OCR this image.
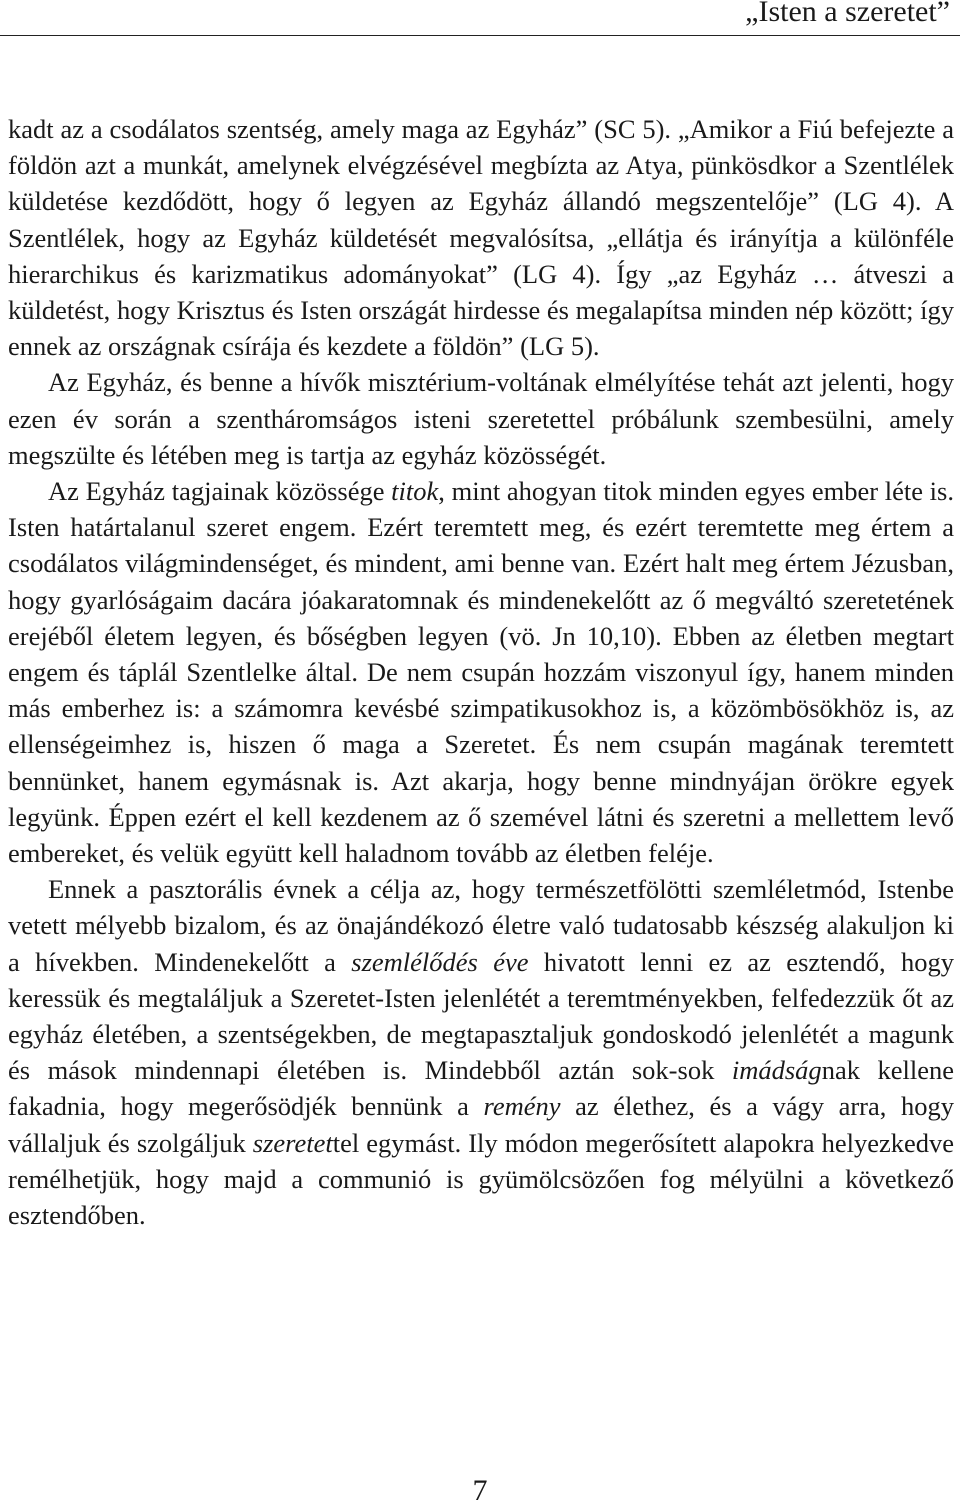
„Isten a szeretet”

kadt az a csodálatos szentség, amely maga az Egyház” (SC 5). „Amikor a Fiú befejezte a földön azt a munkát, amelynek elvégzésével megbízta az Atya, pünkösdkor a Szentlélek küldetése kezdődött, hogy ő legyen az Egyház állandó megszentelője” (LG 4). A Szentlélek, hogy az Egyház küldetését megvalósítsa, „ellátja és irányítja a különféle hierarchikus és karizmatikus adományokat” (LG 4). Így „az Egyház … átveszi a küldetést, hogy Krisztus és Isten országát hirdesse és megalapítsa minden nép között; így ennek az országnak csírája és kezdete a földön” (LG 5).

Az Egyház, és benne a hívők misztérium-voltának elmélyítése tehát azt jelenti, hogy ezen év során a szentháromságos isteni szeretettel próbálunk szembesülni, amely megszülte és létében meg is tartja az egyház közösségét.

Az Egyház tagjainak közössége titok, mint ahogyan titok minden egyes ember léte is. Isten határtalanul szeret engem. Ezért teremtett meg, és ezért teremtette meg értem a csodálatos világmindenséget, és mindent, ami benne van. Ezért halt meg értem Jézusban, hogy gyarlóságaim dacára jóakaratomnak és mindenekelőtt az ő megváltó szeretetének erejéből életem legyen, és bőségben legyen (vö. Jn 10,10). Ebben az életben megtart engem és táplál Szentlelke által. De nem csupán hozzám viszonyul így, hanem minden más emberhez is: a számomra kevésbé szimpatikusokhoz is, a közömbösökhöz is, az ellenségeimhez is, hiszen ő maga a Szeretet. És nem csupán magának teremtett bennünket, hanem egymásnak is. Azt akarja, hogy benne mindnyájan örökre egyek legyünk. Éppen ezért el kell kezdenem az ő szemével látni és szeretni a mellettem levő embereket, és velük együtt kell haladnom tovább az életben feléje.

Ennek a pasztorális évnek a célja az, hogy természetfölötti szemléletmód, Istenbe vetett mélyebb bizalom, és az önajándékozó életre való tudatosabb készség alakuljon ki a hívekben. Mindenekelőtt a szemlélődés éve hivatott lenni ez az esztendő, hogy keressük és megtaláljuk a Szeretet-Isten jelenlétét a teremtményekben, felfedezzük őt az egyház életében, a szentségekben, de megtapasztaljuk gondoskodó jelenlétét a magunk és mások mindennapi életében is. Mindebből aztán sok-sok imádságnak kellene fakadnia, hogy megerősödjék bennünk a remény az élethez, és a vágy arra, hogy vállaljuk és szolgáljuk szeretettel egymást. Ily módon megerősített alapokra helyezkedve remélhetjük, hogy majd a communió is gyümölcsözően fog mélyülni a következő esztendőben.

7
